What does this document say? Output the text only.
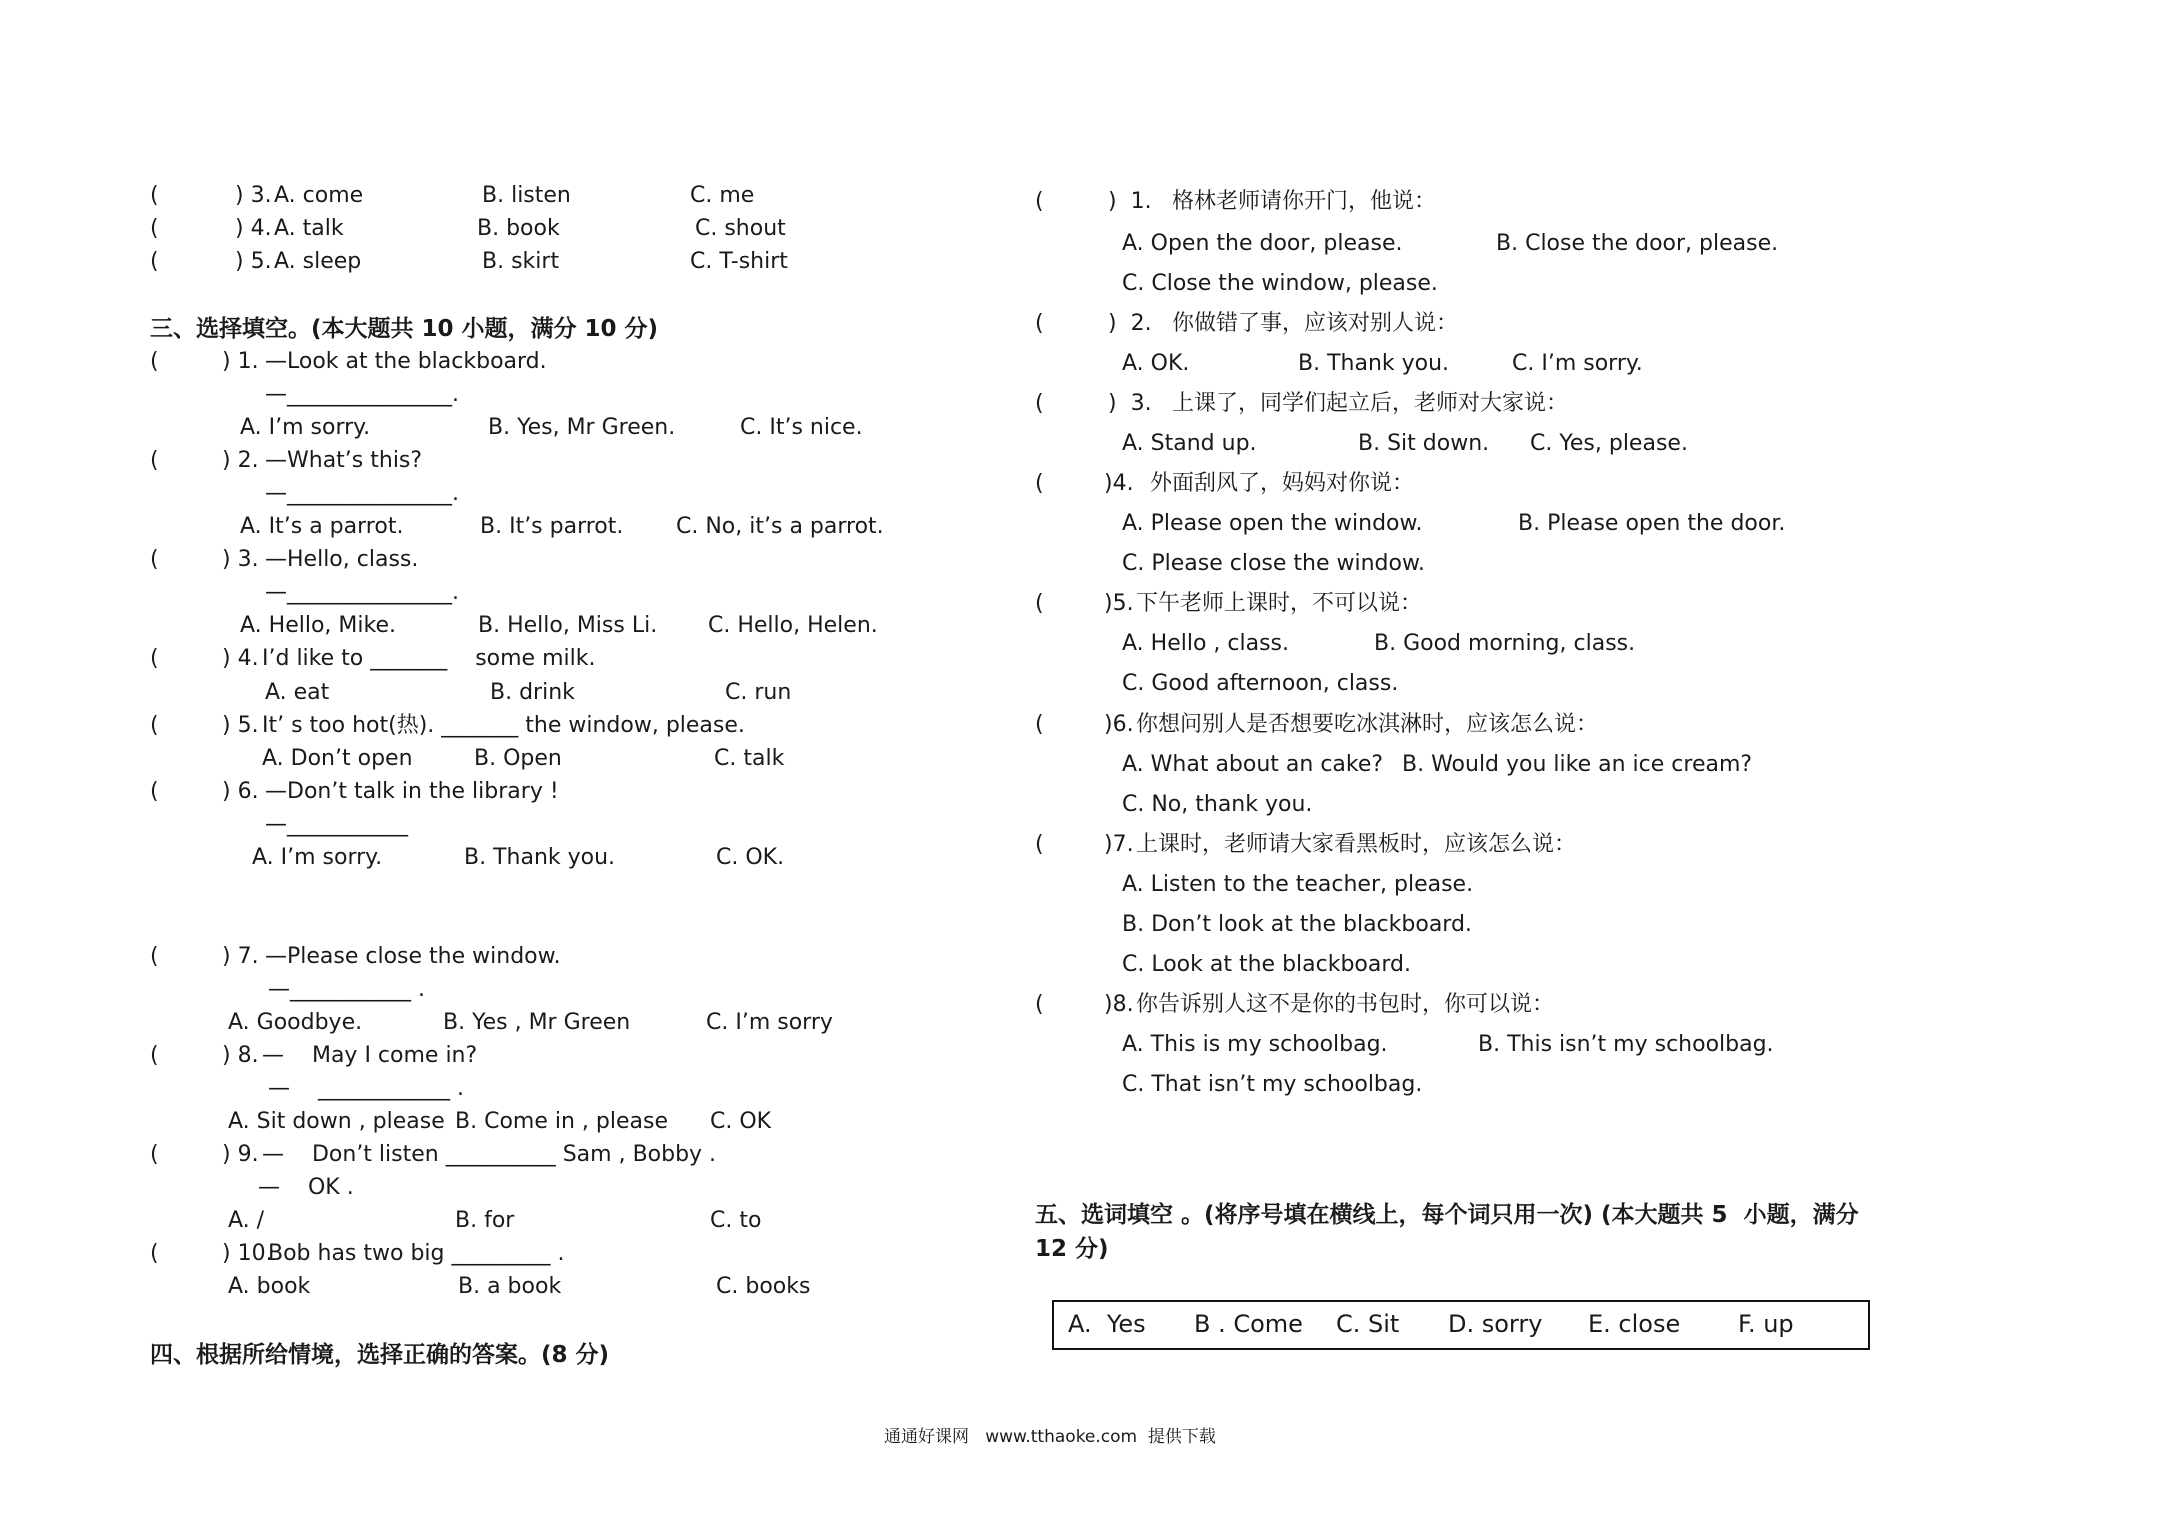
(	) 3. A. come	B. listen	C. me
(	) 4. A. talk	B. book	C. shout
(	) 5. A. sleep	B. skirt	C. T-shirt
三、选择填空。(本大题共 10 小题，满分 10 分)
(	) 1. —Look at the blackboard.
—_______________.
A. I’m sorry.	B. Yes, Mr Green.	C. It’s nice.
(	) 2. —What’s this?
—_______________.
A. It’s a parrot.	B. It’s parrot. C. No, it’s a parrot.
(	) 3. —Hello, class.
—_______________.
A. Hello, Mike.	B. Hello, Miss Li. C. Hello, Helen.
(	) 4. I’d like to _______    some milk.
A. eat	B. drink	C. run
(	) 5. It’ s too hot(热). _______ the window, please.
A. Don’t open	B. Open	C. talk
(	) 6. —Don’t talk in the library !
—___________
A. I’m sorry.	B. Thank you.	C. OK.
(	) 7. —Please close the window.
—___________ .
A. Goodbye.	B. Yes , Mr Green	C. I’m sorry
(	) 8. —    May I come in?
—    ____________ .
A. Sit down , please B. Come in , please C. OK
(	) 9. —    Don’t listen __________ Sam , Bobby .
—    OK .
A. /	B. for	C. to
(	) 10.
Bob has two big _________ .
A. book	B. a book	C. books
四、根据所给情境，选择正确的答案。(8 分)
(	) 1. 格林老师请你开门，他说：
A. Open the door, please.	B. Close the door, please.
C. Close the window, please.
(	) 2. 你做错了事，应该对别人说：
A. OK.	B. Thank you.	C. I’m sorry.
(	) 3. 上课了，同学们起立后，老师对大家说：
A. Stand up.	B. Sit down. C. Yes, please.
(	)4. 外面刮风了，妈妈对你说：
A. Please open the window.	B. Please open the door.
C. Please close the window.
(	)5. 下午老师上课时，不可以说：
A. Hello , class.	B. Good morning, class.
C. Good afternoon, class.
(	)6. 你想问别人是否想要吃冰淇淋时，应该怎么说：
A. What about an cake? B. Would you like an ice cream?
C. No, thank you.
(	)7. 上课时，老师请大家看黑板时，应该怎么说：
A. Listen to the teacher, please.
B. Don’t look at the blackboard.
C. Look at the blackboard.
(	)8. 你告诉别人这不是你的书包时，你可以说：
A. This is my schoolbag.	B. This isn’t my schoolbag.
C. That isn’t my schoolbag.
五、选词填空 。(将序号填在横线上，每个词只用一次) (本大题共 5  小题，满分
12 分)
A.  Yes B . Come C. Sit D. sorry E. close F. up
通通好课网   www.tthaoke.com  提供下载
